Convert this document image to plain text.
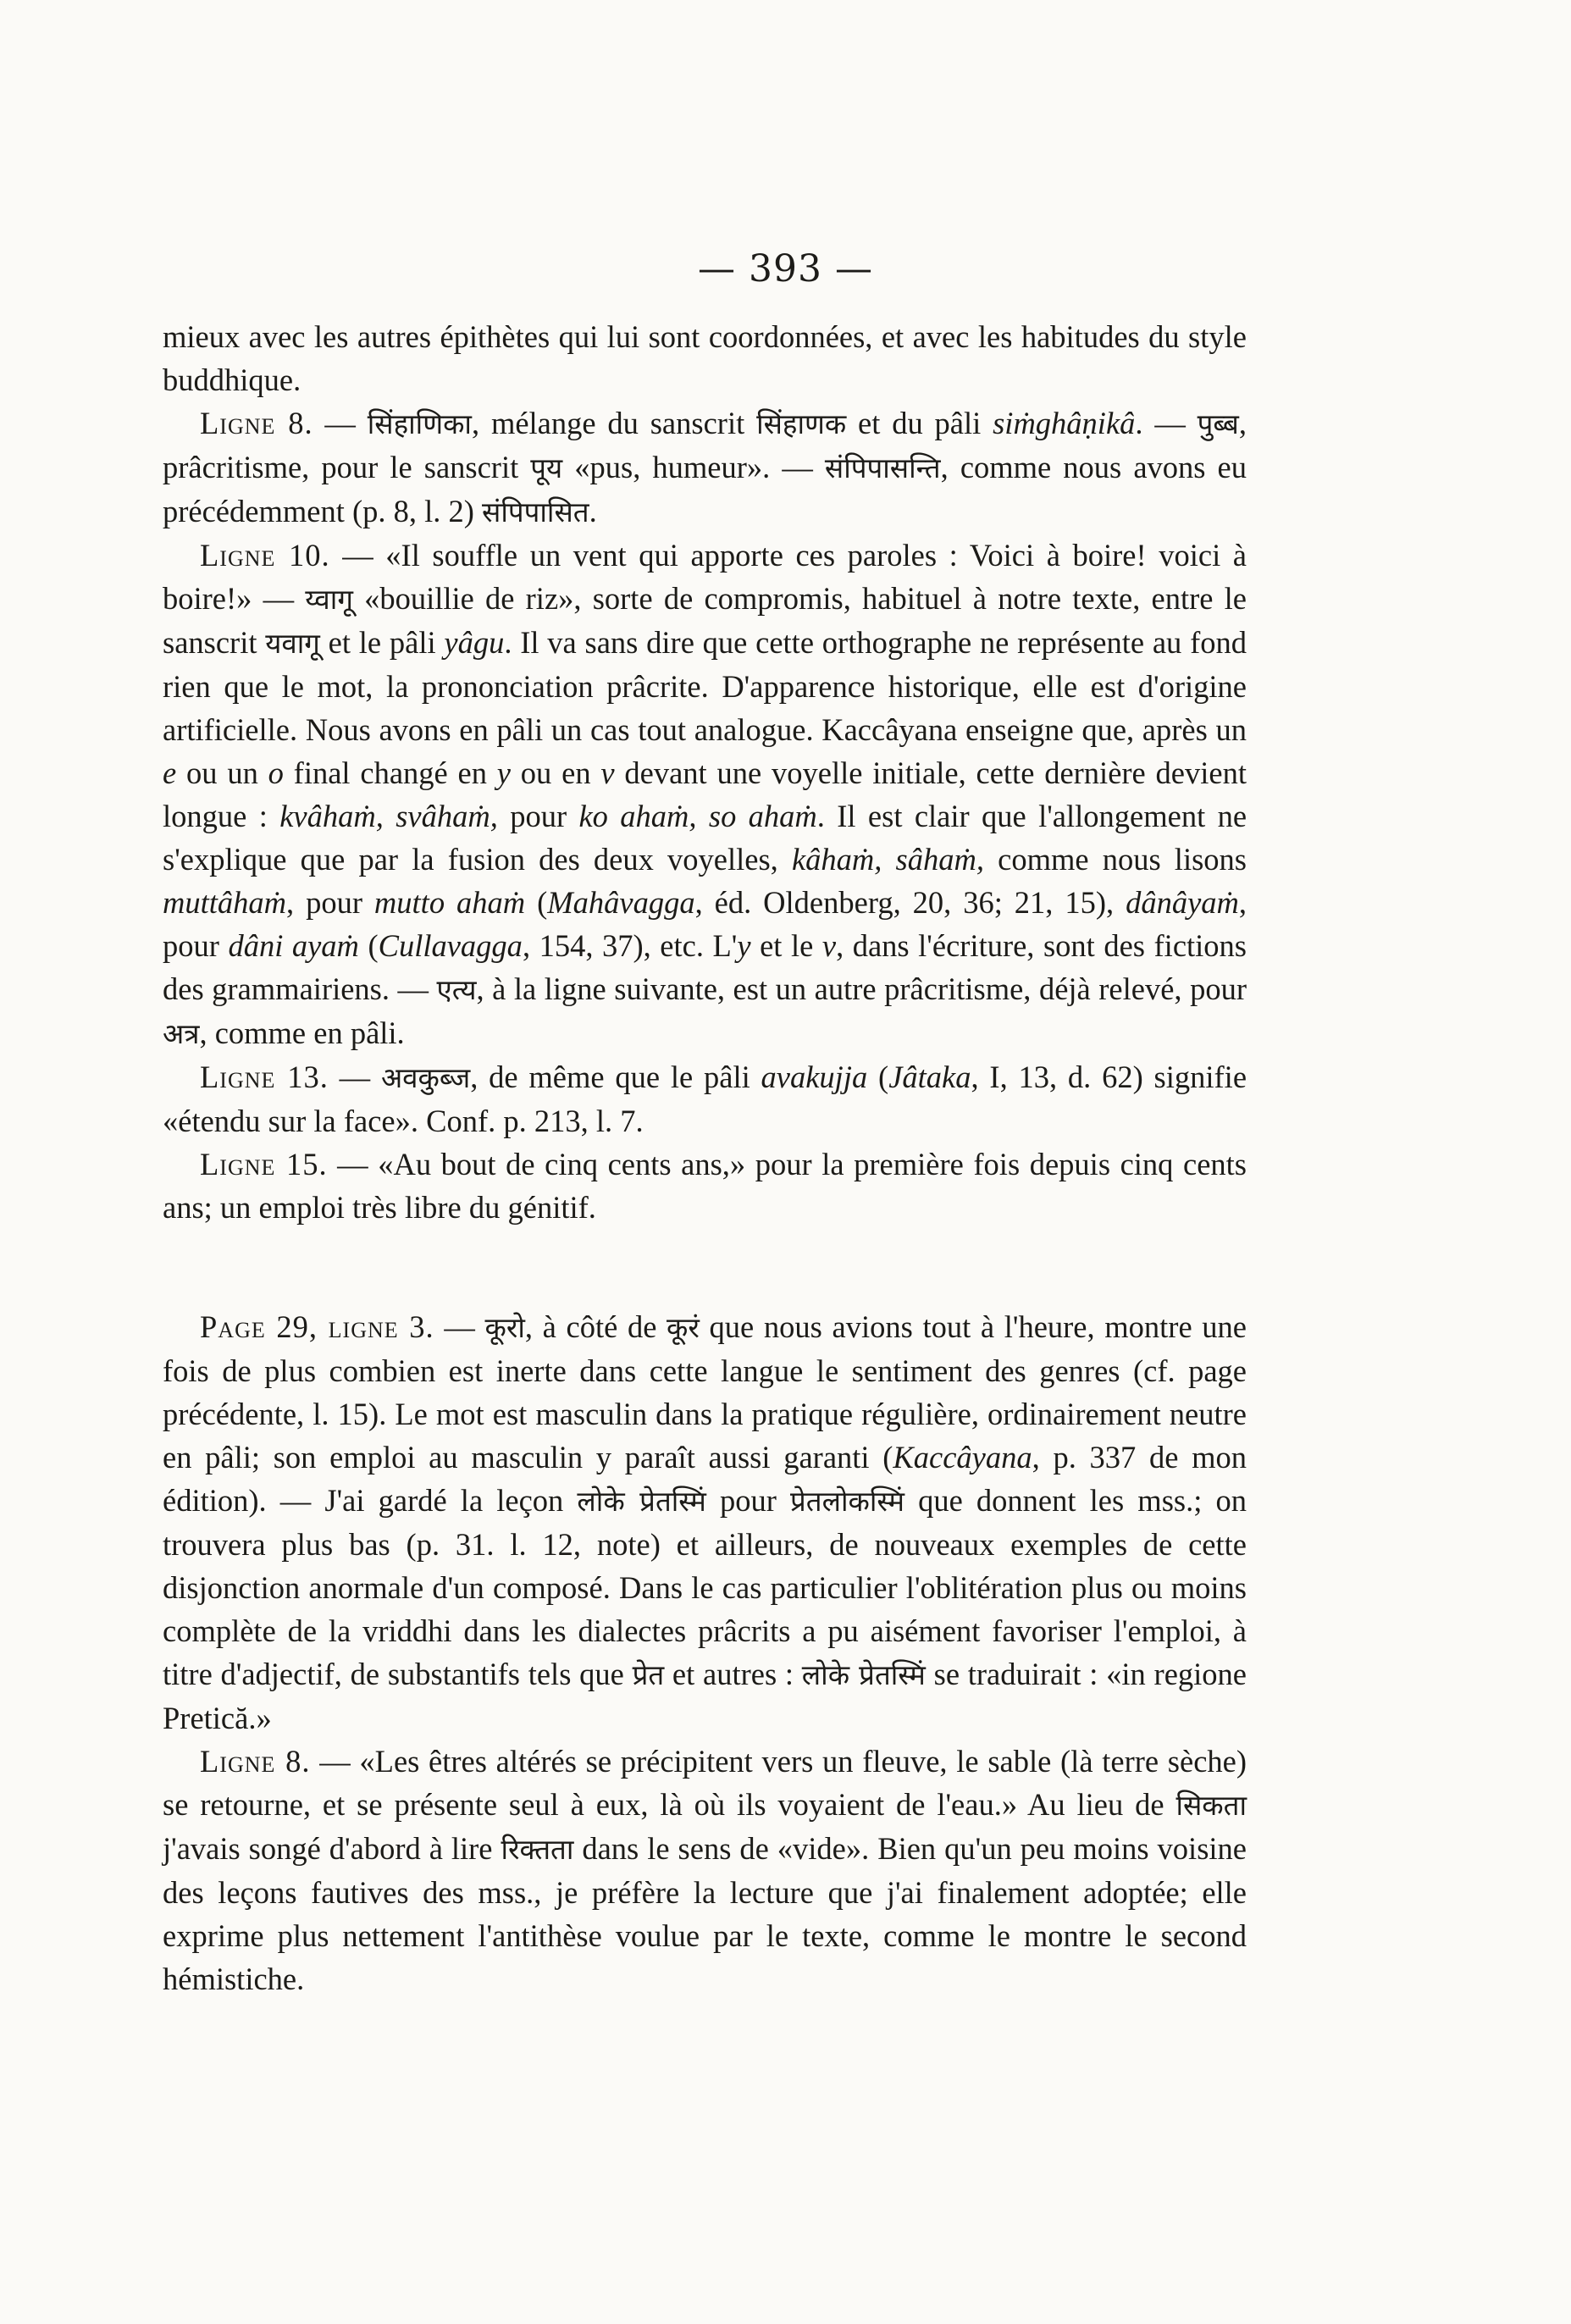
— 393 —

mieux avec les autres épithètes qui lui sont coordonnées, et avec les habitudes du style buddhique.

Ligne 8. — सिंहाणिका, mélange du sanscrit सिंहाणक et du pâli siṁghâṇikâ. — पुब्ब, prâcritisme, pour le sanscrit पूय «pus, humeur». — संपिपासन्ति, comme nous avons eu précédemment (p. 8, l. 2) संपिपासित.

Ligne 10. — «Il souffle un vent qui apporte ces paroles : Voici à boire! voici à boire!» — य्वागू «bouillie de riz», sorte de compromis, habituel à notre texte, entre le sanscrit यवागू et le pâli yâgu. Il va sans dire que cette orthographe ne représente au fond rien que le mot, la prononciation prâcrite. D'apparence historique, elle est d'origine artificielle. Nous avons en pâli un cas tout analogue. Kaccâyana enseigne que, après un e ou un o final changé en y ou en v devant une voyelle initiale, cette dernière devient longue : kvâhaṁ, svâhaṁ, pour ko ahaṁ, so ahaṁ. Il est clair que l'allongement ne s'explique que par la fusion des deux voyelles, kâhaṁ, sâhaṁ, comme nous lisons muttâhaṁ, pour mutto ahaṁ (Mahâvagga, éd. Oldenberg, 20, 36; 21, 15), dânâyaṁ, pour dâni ayaṁ (Cullavagga, 154, 37), etc. L'y et le v, dans l'écriture, sont des fictions des grammairiens. — एत्य, à la ligne suivante, est un autre prâcritisme, déjà relevé, pour अत्र, comme en pâli.

Ligne 13. — अवकुब्ज, de même que le pâli avakujja (Jâtaka, I, 13, d. 62) signifie «étendu sur la face». Conf. p. 213, l. 7.

Ligne 15. — «Au bout de cinq cents ans,» pour la première fois depuis cinq cents ans; un emploi très libre du génitif.

Page 29, ligne 3. — कूरो, à côté de कूरं que nous avions tout à l'heure, montre une fois de plus combien est inerte dans cette langue le sentiment des genres (cf. page précédente, l. 15). Le mot est masculin dans la pratique régulière, ordinairement neutre en pâli; son emploi au masculin y paraît aussi garanti (Kaccâyana, p. 337 de mon édition). — J'ai gardé la leçon लोके प्रेतस्मिं pour प्रेतलोकस्मिं que donnent les mss.; on trouvera plus bas (p. 31. l. 12, note) et ailleurs, de nouveaux exemples de cette disjonction anormale d'un composé. Dans le cas particulier l'oblitération plus ou moins complète de la vriddhi dans les dialectes prâcrits a pu aisément favoriser l'emploi, à titre d'adjectif, de substantifs tels que प्रेत et autres : लोके प्रेतस्मिं se traduirait : «in regione Pretică.»

Ligne 8. — «Les êtres altérés se précipitent vers un fleuve, le sable (là terre sèche) se retourne, et se présente seul à eux, là où ils voyaient de l'eau.» Au lieu de सिकता j'avais songé d'abord à lire रिक्तता dans le sens de «vide». Bien qu'un peu moins voisine des leçons fautives des mss., je préfère la lecture que j'ai finalement adoptée; elle exprime plus nettement l'antithèse voulue par le texte, comme le montre le second hémistiche.
